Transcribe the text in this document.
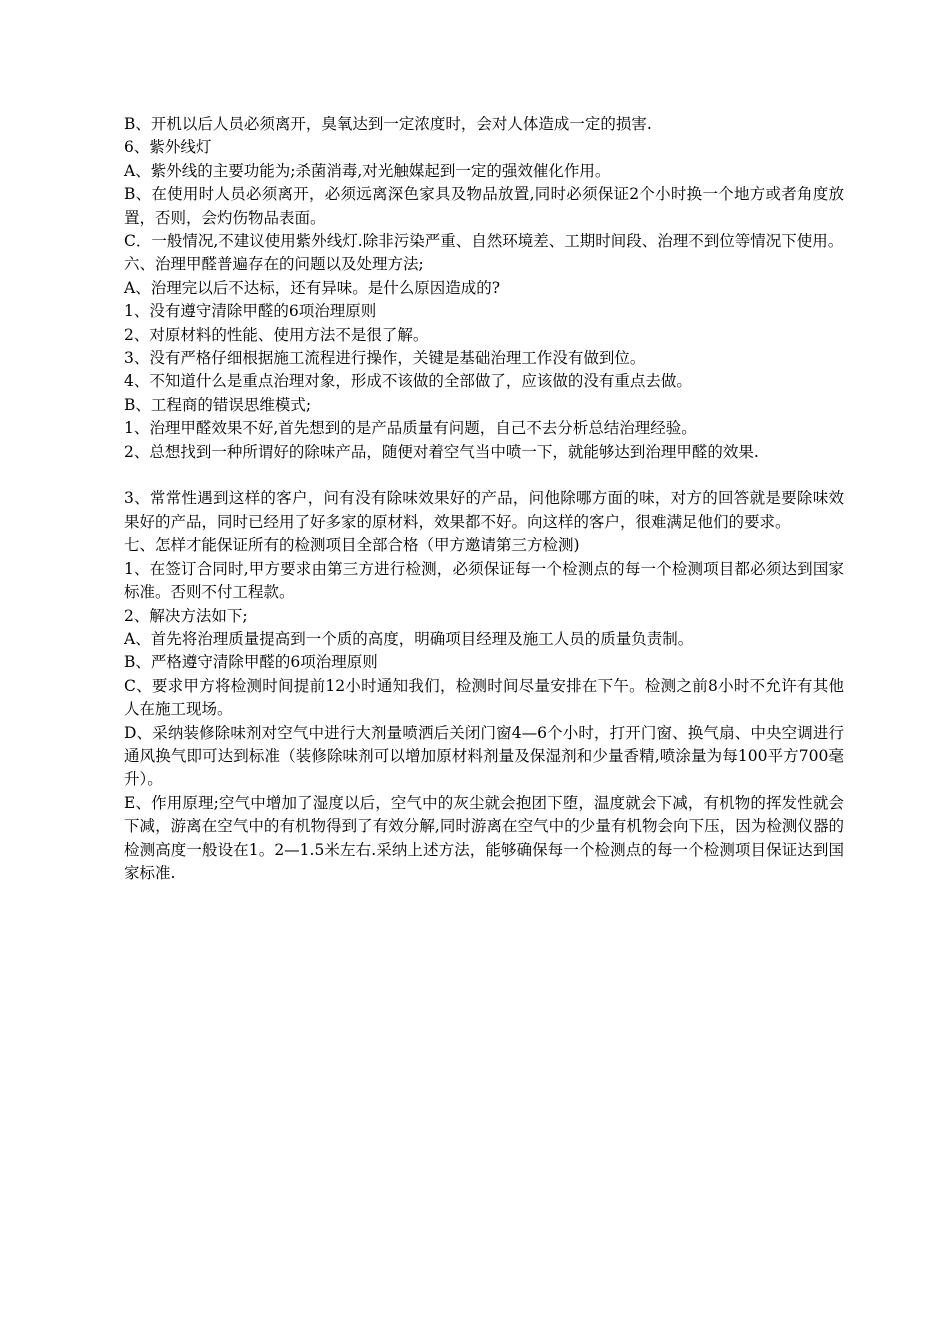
B、开机以后人员必须离开，臭氧达到一定浓度时，会对人体造成一定的损害.

6、紫外线灯

A、紫外线的主要功能为;杀菌消毒,对光触媒起到一定的强效催化作用。

B、在使用时人员必须离开，必须远离深色家具及物品放置,同时必须保证2个小时换一个地方或者角度放置，否则，会灼伤物品表面。

C．一般情况,不建议使用紫外线灯.除非污染严重、自然环境差、工期时间段、治理不到位等情况下使用。

六、治理甲醛普遍存在的问题以及处理方法;

A、治理完以后不达标，还有异味。是什么原因造成的?

1、没有遵守清除甲醛的6项治理原则

2、对原材料的性能、使用方法不是很了解。

3、没有严格仔细根据施工流程进行操作，关键是基础治理工作没有做到位。

4、不知道什么是重点治理对象，形成不该做的全部做了，应该做的没有重点去做。

B、工程商的错误思维模式;

1、治理甲醛效果不好,首先想到的是产品质量有问题，自己不去分析总结治理经验。

2、总想找到一种所谓好的除味产品，随便对着空气当中喷一下，就能够达到治理甲醛的效果.

3、常常性遇到这样的客户，问有没有除味效果好的产品，问他除哪方面的味，对方的回答就是要除味效果好的产品，同时已经用了好多家的原材料，效果都不好。向这样的客户，很难满足他们的要求。

七、怎样才能保证所有的检测项目全部合格（甲方邀请第三方检测)

1、在签订合同时,甲方要求由第三方进行检测，必须保证每一个检测点的每一个检测项目都必须达到国家标准。否则不付工程款。

2、解决方法如下;

A、首先将治理质量提高到一个质的高度，明确项目经理及施工人员的质量负责制。

B、严格遵守清除甲醛的6项治理原则

C、要求甲方将检测时间提前12小时通知我们，检测时间尽量安排在下午。检测之前8小时不允许有其他人在施工现场。

D、采纳装修除味剂对空气中进行大剂量喷洒后关闭门窗4—6个小时，打开门窗、换气扇、中央空调进行通风换气即可达到标准（装修除味剂可以增加原材料剂量及保湿剂和少量香精,喷涂量为每100平方700毫升）。

E、作用原理;空气中增加了湿度以后，空气中的灰尘就会抱团下堕，温度就会下减，有机物的挥发性就会下减，游离在空气中的有机物得到了有效分解,同时游离在空气中的少量有机物会向下压，因为检测仪器的检测高度一般设在1。2—1.5米左右.采纳上述方法，能够确保每一个检测点的每一个检测项目保证达到国家标准.
